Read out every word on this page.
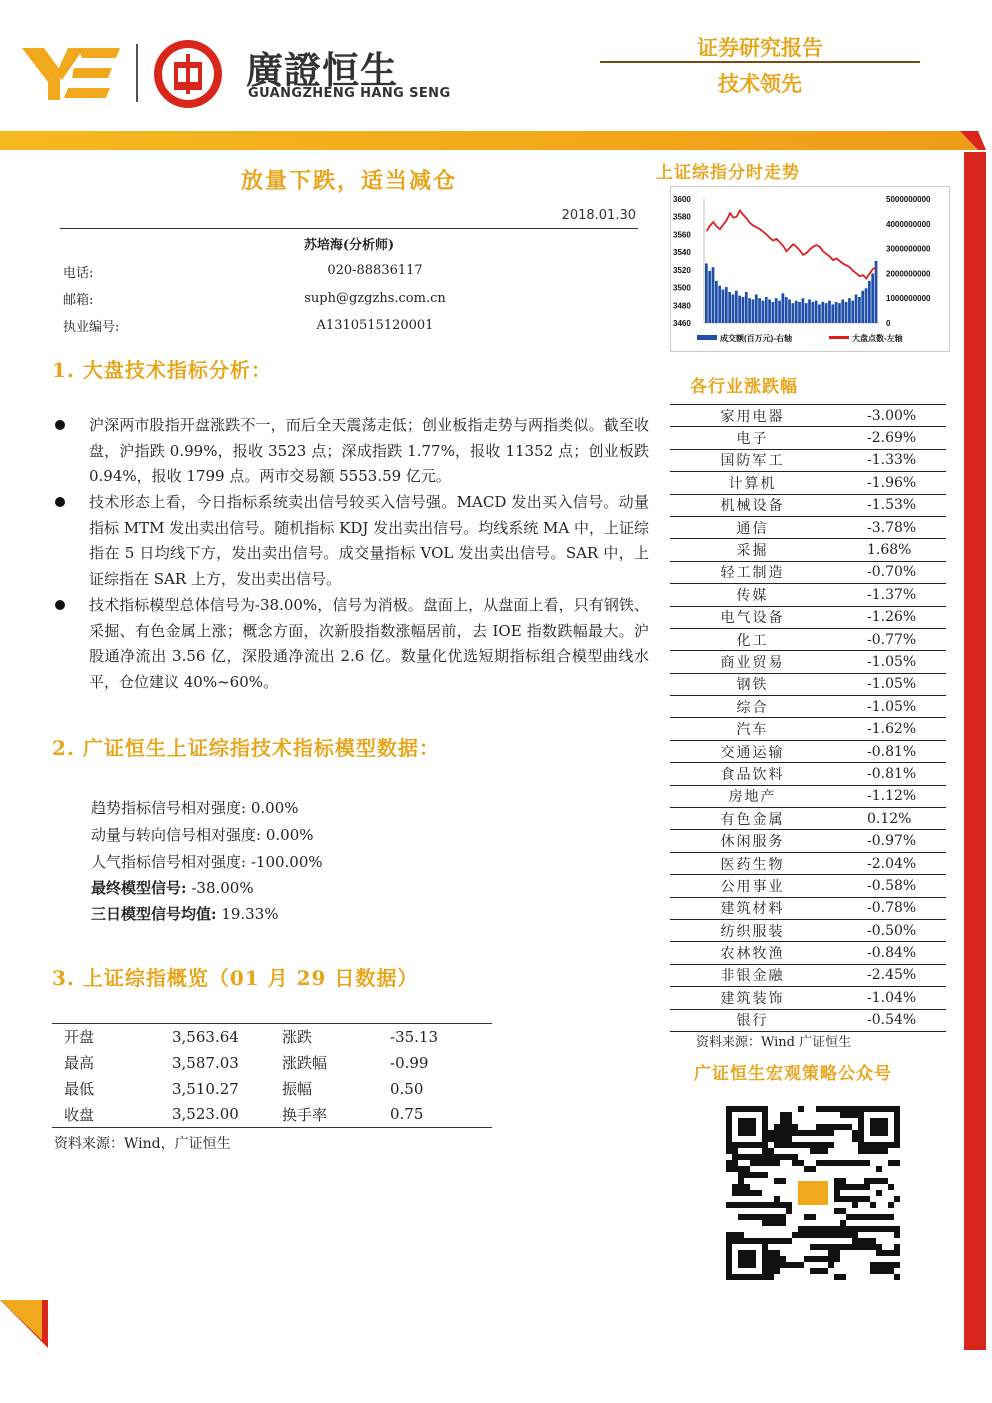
廣證恒生
GUANGZHENG HANG SENG
证券研究报告
技术领先
放量下跌，适当减仓
2018.01.30
苏培海(分析师)
电话:	020-88836117
邮箱:	suph@gzgzhs.com.cn
执业编号:	A1310515120001
1. 大盘技术指标分析：
沪深两市股指开盘涨跌不一，而后全天震荡走低；创业板指走势与两指类似。截至收盘，沪指跌 0.99%，报收 3523 点；深成指跌 1.77%，报收 11352 点；创业板跌 0.94%，报收 1799 点。两市交易额 5553.59 亿元。
技术形态上看，今日指标系统卖出信号较买入信号强。MACD 发出买入信号。动量指标 MTM 发出卖出信号。随机指标 KDJ 发出卖出信号。均线系统 MA 中，上证综指在 5 日均线下方，发出卖出信号。成交量指标 VOL 发出卖出信号。SAR 中，上证综指在 SAR 上方，发出卖出信号。
技术指标模型总体信号为-38.00%，信号为消极。盘面上，从盘面上看，只有钢铁、采掘、有色金属上涨；概念方面，次新股指数涨幅居前，去 IOE 指数跌幅最大。沪股通净流出 3.56 亿，深股通净流出 2.6 亿。数量化优选短期指标组合模型曲线水平，仓位建议 40%~60%。
2. 广证恒生上证综指技术指标模型数据：
趋势指标信号相对强度: 0.00%
动量与转向信号相对强度: 0.00%
人气指标信号相对强度: -100.00%
最终模型信号: -38.00%
三日模型信号均值: 19.33%
3. 上证综指概览（01 月 29 日数据）
开盘	3,563.64	涨跌	-35.13
最高	3,587.03	涨跌幅	-0.99
最低	3,510.27	振幅	0.50
收盘	3,523.00	换手率	0.75
资料来源：Wind，广证恒生
上证综指分时走势
3600
3580
3560
3540
3520
3500
3480
3460
5000000000
4000000000
3000000000
2000000000
1000000000
0
成交额(百万元)-右轴	大盘点数-左轴
各行业涨跌幅
家用电器	-3.00%
电子	-2.69%
国防军工	-1.33%
计算机	-1.96%
机械设备	-1.53%
通信	-3.78%
采掘	1.68%
轻工制造	-0.70%
传媒	-1.37%
电气设备	-1.26%
化工	-0.77%
商业贸易	-1.05%
钢铁	-1.05%
综合	-1.05%
汽车	-1.62%
交通运输	-0.81%
食品饮料	-0.81%
房地产	-1.12%
有色金属	0.12%
休闲服务	-0.97%
医药生物	-2.04%
公用事业	-0.58%
建筑材料	-0.78%
纺织服装	-0.50%
农林牧渔	-0.84%
非银金融	-2.45%
建筑装饰	-1.04%
银行	-0.54%
资料来源：Wind 广证恒生
广证恒生宏观策略公众号
